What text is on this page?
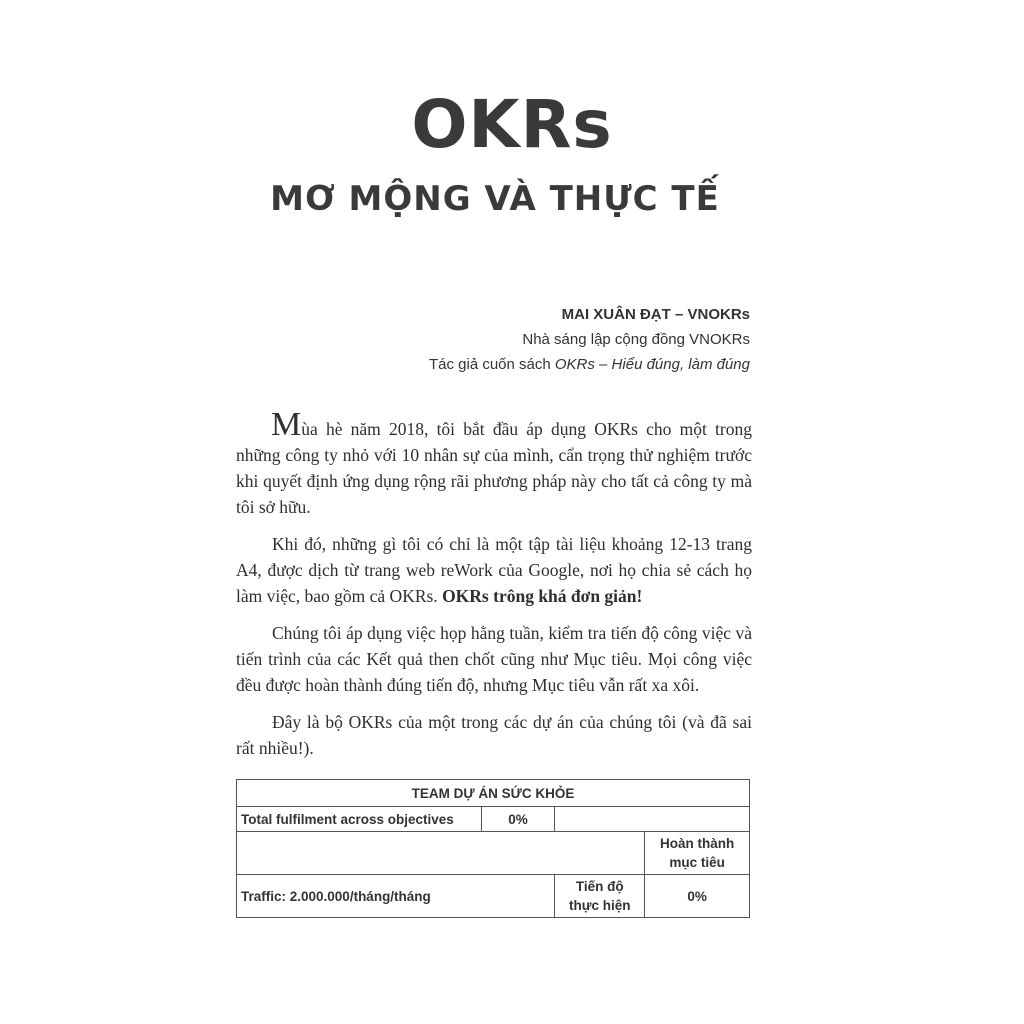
OKRs
MƠ MỘNG VÀ THỰC TẾ
MAI XUÂN ĐẠT – VNOKRs
Nhà sáng lập cộng đồng VNOKRs
Tác giả cuốn sách OKRs – Hiểu đúng, làm đúng

Mùa hè năm 2018, tôi bắt đầu áp dụng OKRs cho một trong những công ty nhỏ với 10 nhân sự của mình, cẩn trọng thử nghiệm trước khi quyết định ứng dụng rộng rãi phương pháp này cho tất cả công ty mà tôi sở hữu.

Khi đó, những gì tôi có chỉ là một tập tài liệu khoảng 12-13 trang A4, được dịch từ trang web reWork của Google, nơi họ chia sẻ cách họ làm việc, bao gồm cả OKRs. OKRs trông khá đơn giản!

Chúng tôi áp dụng việc họp hằng tuần, kiểm tra tiến độ công việc và tiến trình của các Kết quả then chốt cũng như Mục tiêu. Mọi công việc đều được hoàn thành đúng tiến độ, nhưng Mục tiêu vẫn rất xa xôi.

Đây là bộ OKRs của một trong các dự án của chúng tôi (và đã sai rất nhiều!).

TEAM DỰ ÁN SỨC KHỎE			
Total fulfilment across objectives	0%		

			Hoàn thành
mục tiêu

Traffic: 2.000.000/tháng/tháng		Tiến độ
thực hiện	0%
